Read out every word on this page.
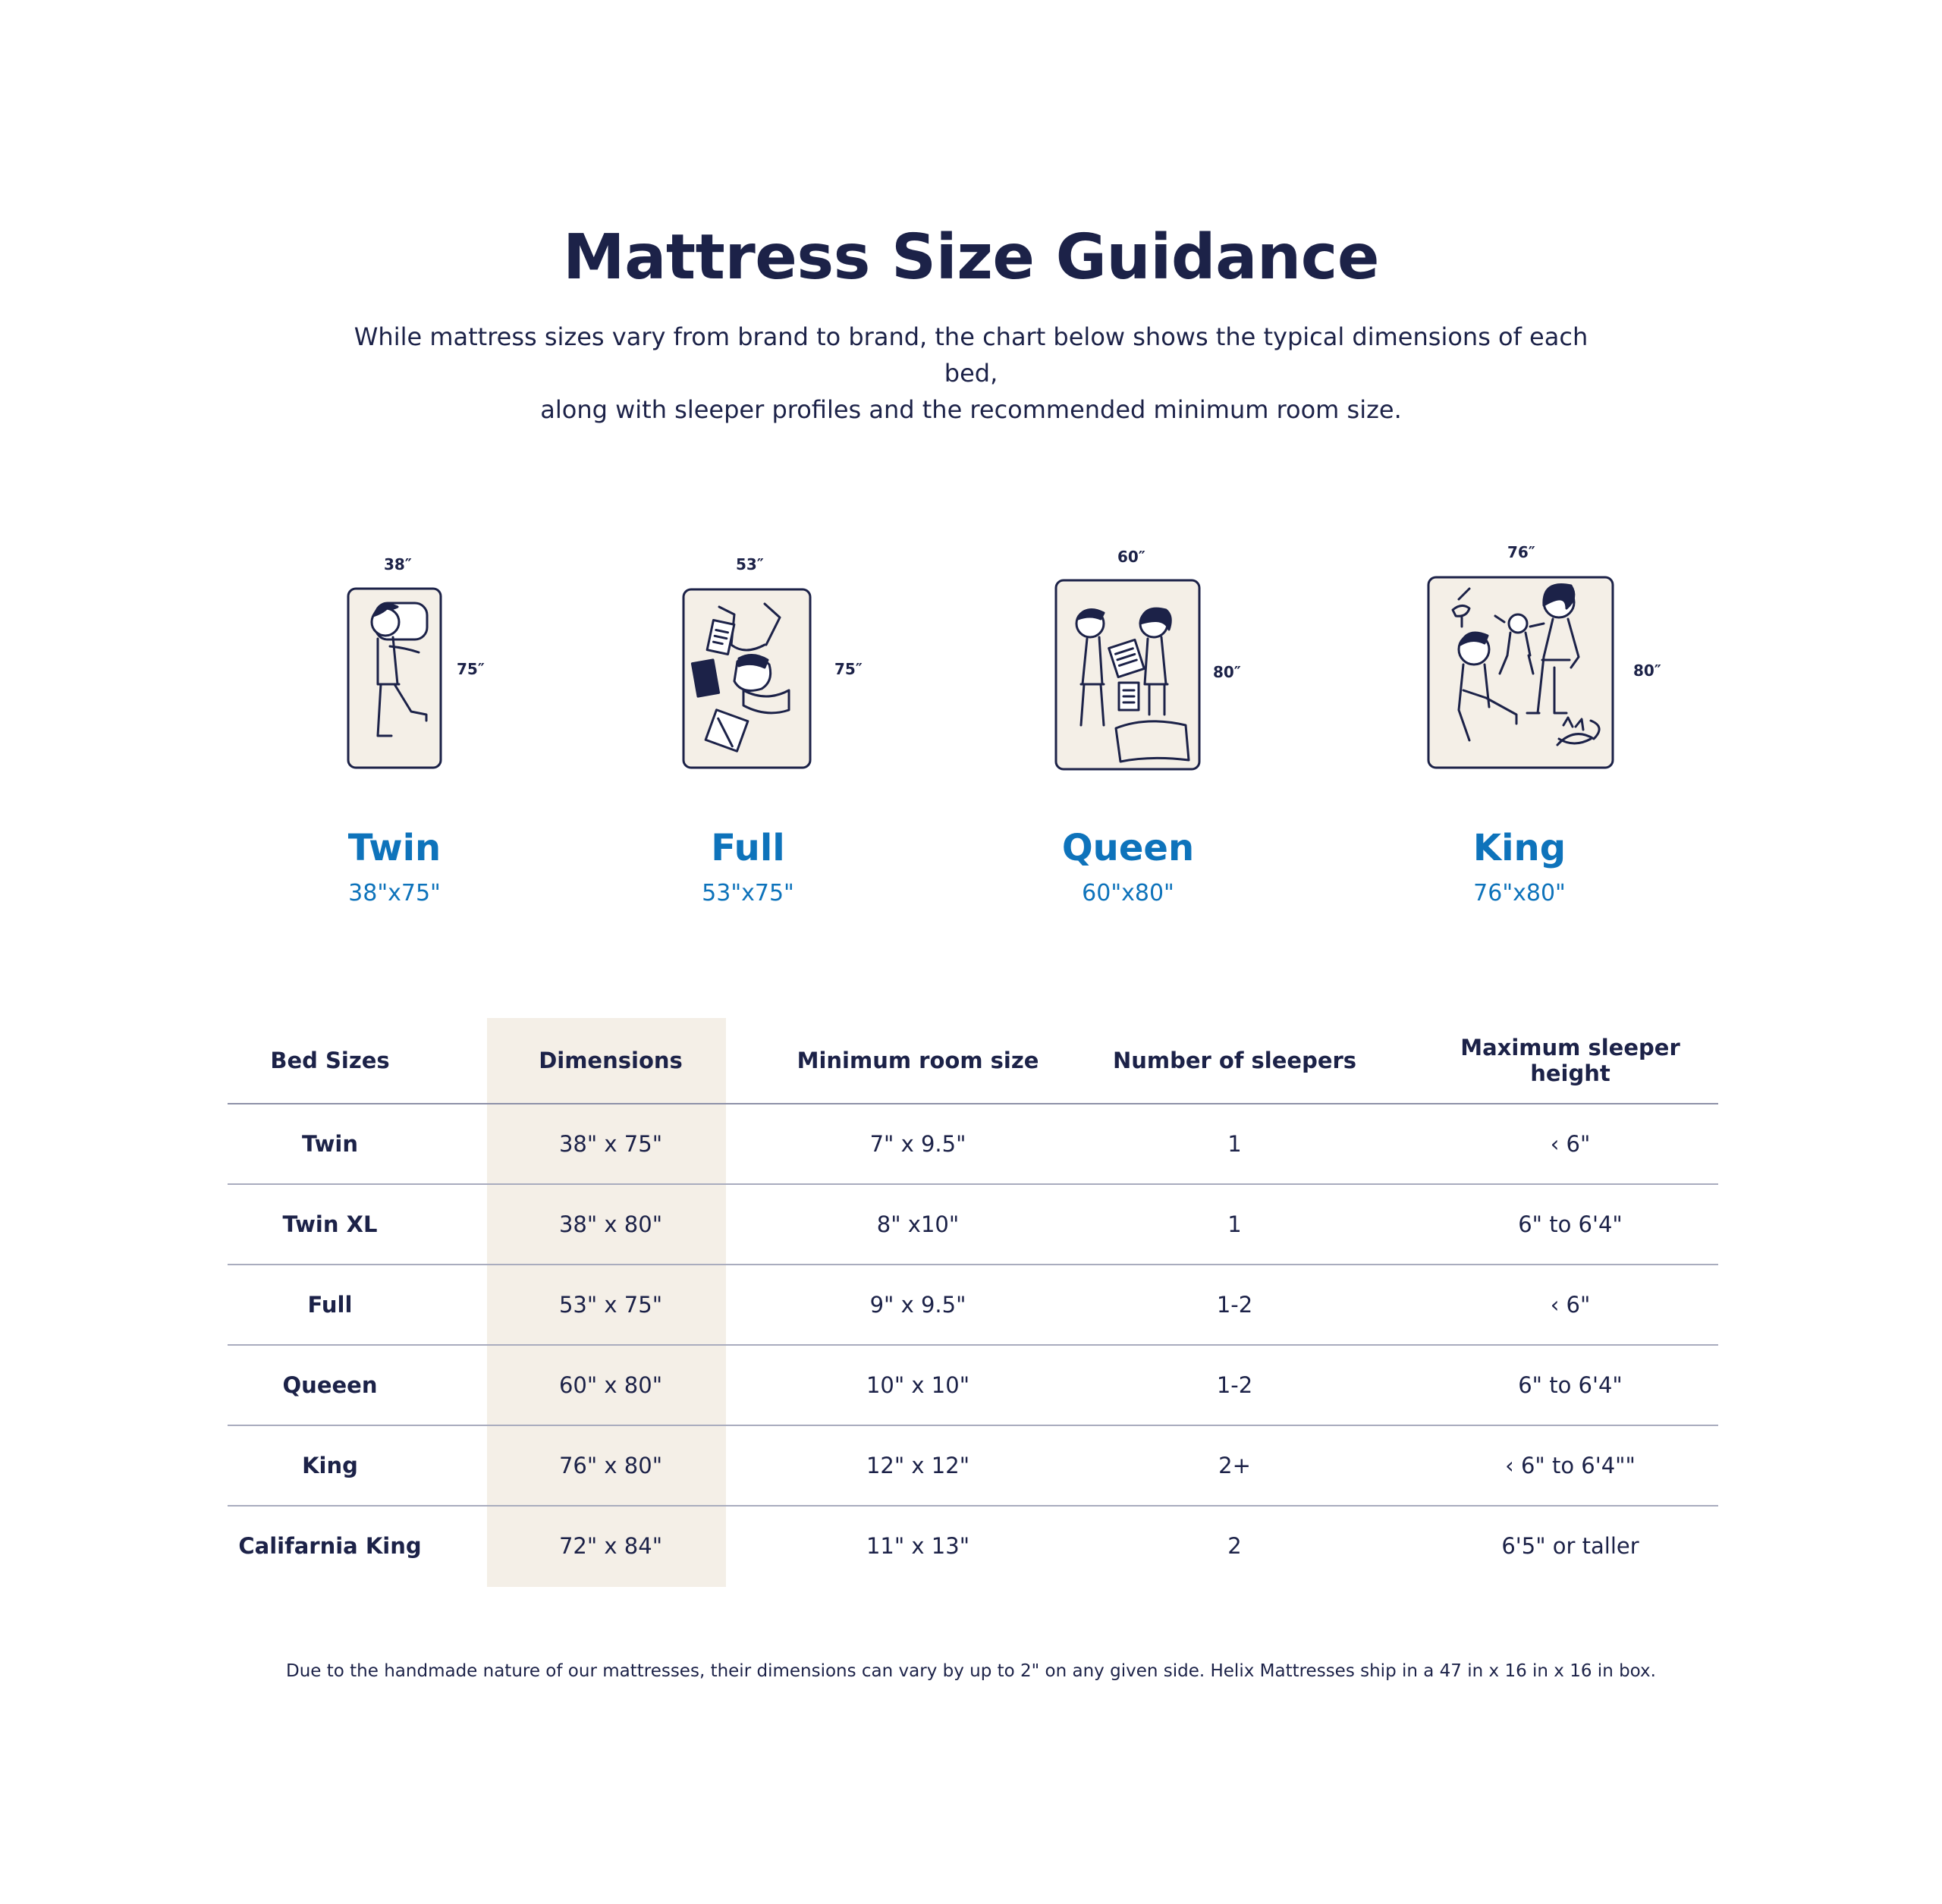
Mattress Size Guidance

While mattress sizes vary from brand to brand, the chart below shows the typical dimensions of each bed,
along with sleeper profiles and the recommended minimum room size.

38″
75″
Twin
38"x75"
53″
75″
Full
53"x75"
60″
80″
Queen
60"x80"
76″
80″
King
76"x80"
Bed Sizes	Dimensions	Minimum room size	Number of sleepers	Maximum sleeper height
Twin	38" x 75"	7" x 9.5"	1	‹ 6"
Twin XL	38" x 80"	8" x10"	1	6" to 6'4"
Full	53" x 75"	9" x 9.5"	1-2	‹ 6"
Queeen	60" x 80"	10" x 10"	1-2	6" to 6'4"
King	76" x 80"	12" x 12"	2+	‹ 6" to 6'4""
Califarnia King	72" x 84"	11" x 13"	2	6'5" or taller

Due to the handmade nature of our mattresses, their dimensions can vary by up to 2" on any given side. Helix Mattresses ship in a 47 in x 16 in x 16 in box.
